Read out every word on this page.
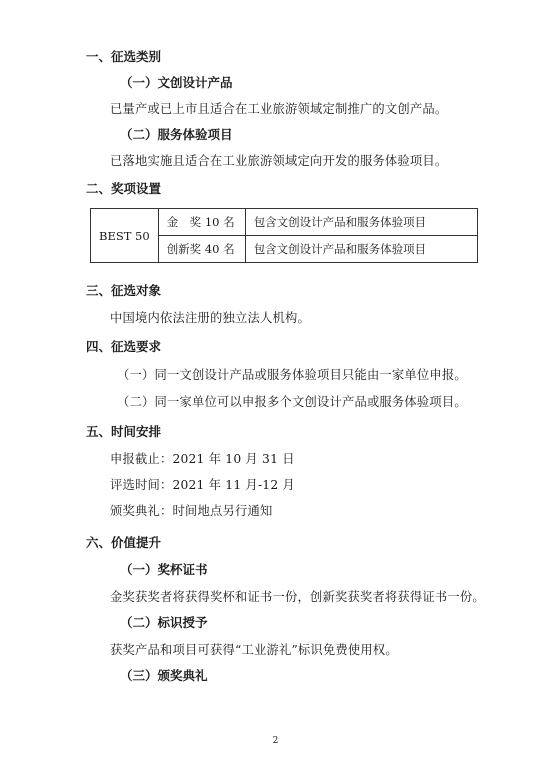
一、征选类别
（一）文创设计产品
已量产或已上市且适合在工业旅游领域定制推广的文创产品。
（二）服务体验项目
已落地实施且适合在工业旅游领域定向开发的服务体验项目。
二、奖项设置
BEST 50	金　奖 10 名	包含文创设计产品和服务体验项目
	创新奖 40 名	包含文创设计产品和服务体验项目
三、征选对象
中国境内依法注册的独立法人机构。
四、征选要求
（一）同一文创设计产品或服务体验项目只能由一家单位申报。
（二）同一家单位可以申报多个文创设计产品或服务体验项目。
五、时间安排
申报截止：2021 年 10 月 31 日
评选时间：2021 年 11 月-12 月
颁奖典礼：时间地点另行通知
六、价值提升
（一）奖杯证书
金奖获奖者将获得奖杯和证书一份，创新奖获奖者将获得证书一份。
（二）标识授予
获奖产品和项目可获得“工业游礼”标识免费使用权。
（三）颁奖典礼
2
